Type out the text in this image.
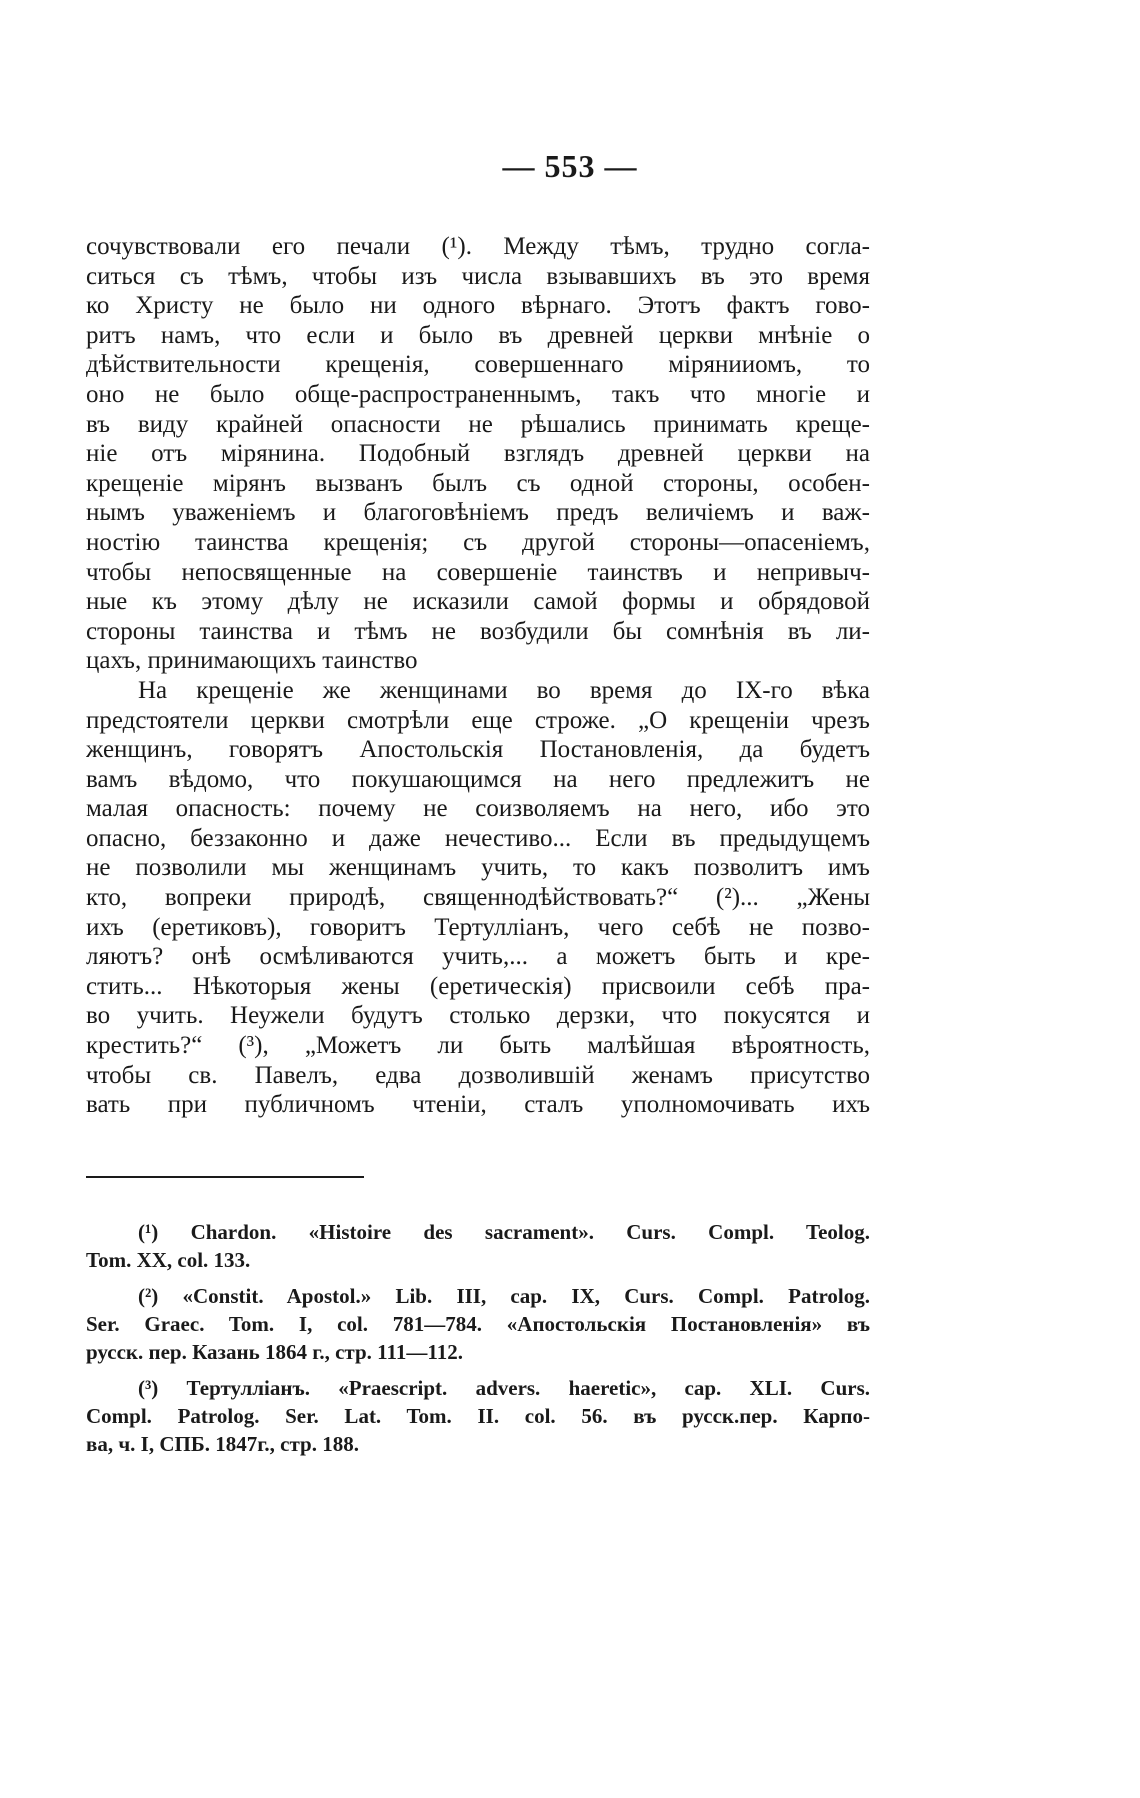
— 553 —
сочувствовали его печали (¹). Между тѣмъ, трудно согла-
ситься съ тѣмъ, чтобы изъ числа взывавшихъ въ это время
ко Христу не было ни одного вѣрнаго. Этотъ фактъ гово-
ритъ намъ, что если и было въ древней церкви мнѣніе о
дѣйствительности крещенія, совершеннаго мірянииомъ, то
оно не было обще-распространеннымъ, такъ что многіе и
въ виду крайней опасности не рѣшались принимать креще-
ніе отъ мірянина. Подобный взглядъ древней церкви на
крещеніе мірянъ вызванъ былъ съ одной стороны, особен-
нымъ уваженіемъ и благоговѣніемъ предъ величіемъ и важ-
ностію таинства крещенія; съ другой стороны—опасеніемъ,
чтобы непосвященные на совершеніе таинствъ и непривыч-
ные къ этому дѣлу не исказили самой формы и обрядовой
стороны таинства и тѣмъ не возбудили бы сомнѣнія въ ли-
цахъ, принимающихъ таинство
На крещеніе же женщинами во время до IX-го вѣка
предстоятели церкви смотрѣли еще строже. „О крещеніи чрезъ
женщинъ, говорятъ Апостольскія Постановленія, да будетъ
вамъ вѣдомо, что покушающимся на него предлежитъ не
малая опасность: почему не соизволяемъ на него, ибо это
опасно, беззаконно и даже нечестиво... Если въ предыдущемъ
не позволили мы женщинамъ учить, то какъ позволитъ имъ
кто, вопреки природѣ, священнодѣйствовать?“ (²)... „Жены
ихъ (еретиковъ), говоритъ Тертулліанъ, чего себѣ не позво-
ляютъ? онѣ осмѣливаются учить,... а можетъ быть и кре-
стить... Нѣкоторыя жены (еретическія) присвоили себѣ пра-
во учить. Неужели будутъ столько дерзки, что покусятся и
крестить?“ (³), „Можетъ ли быть малѣйшая вѣроятность,
чтобы св. Павелъ, едва дозволившій женамъ присутство
вать при публичномъ чтеніи, сталъ уполномочивать ихъ
(¹) Chardon. «Histoire des sacrament». Curs. Compl. Teolog.
Tom. XX, col. 133.
(²) «Constit. Apostol.» Lib. III, cap. IX, Curs. Compl. Patrolog.
Ser. Graec. Tom. I, col. 781—784. «Апостольскія Постановленія» въ
русск. пер. Казань 1864 г., стр. 111—112.
(³) Тертулліанъ. «Praescript. advers. haeretic», cap. XLI. Curs.
Compl. Patrolog. Ser. Lat. Tom. II. col. 56. въ русск.пер. Карпо-
ва, ч. I, СПБ. 1847г., стр. 188.
